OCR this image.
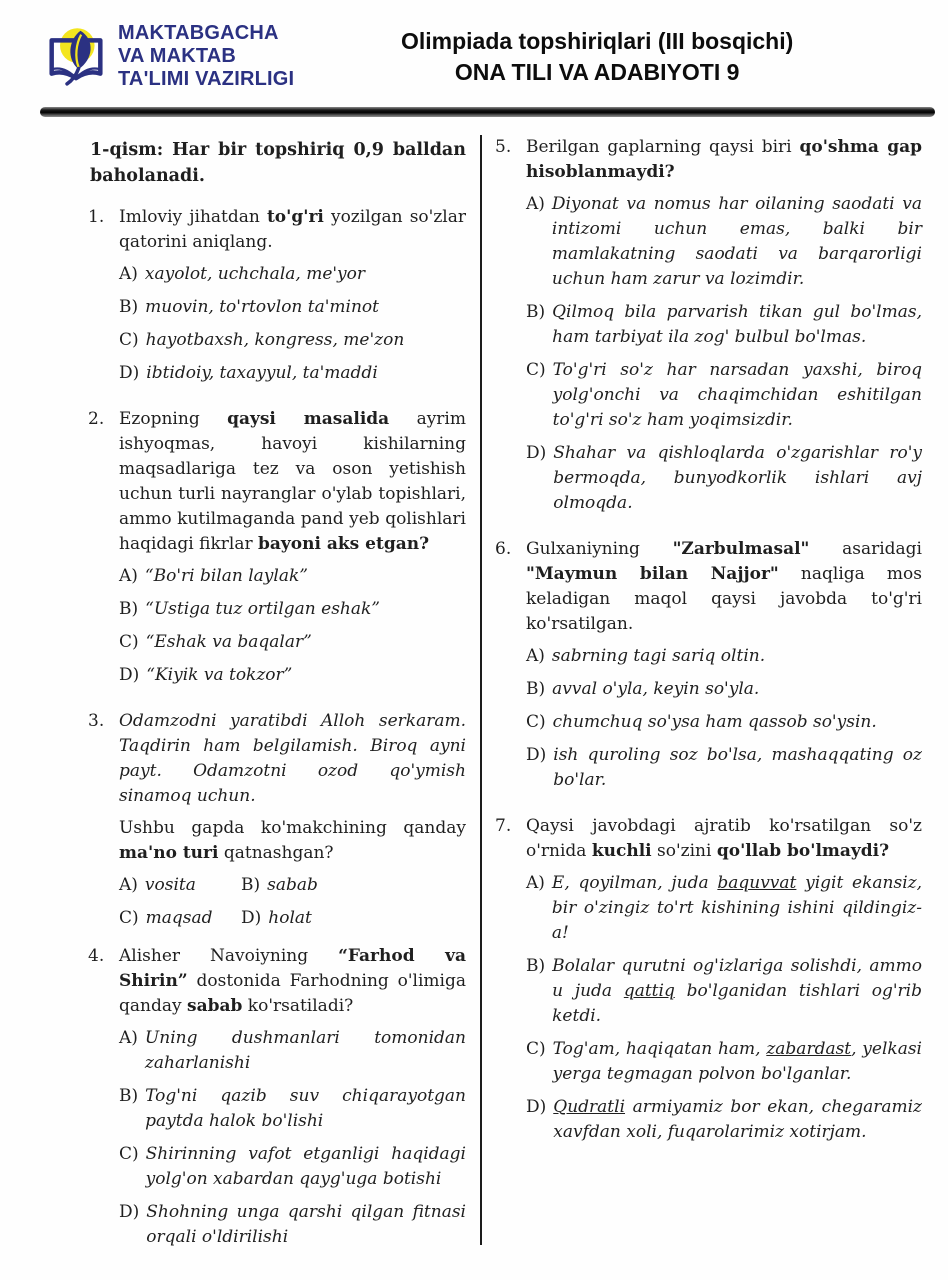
MAKTABGACHA
VA MAKTAB
TA'LIMI VAZIRLIGI
Olimpiada topshiriqlari (III bosqichi)
ONA TILI VA ADABIYOTI 9
1-qism: Har bir topshiriq 0,9 balldan baholanadi.
1. Imloviy jihatdan to'g'ri yozilgan so'zlar qatorini aniqlang.

A) xayolot, uchchala, me'yor
B) muovin, to'rtovlon ta'minot
C) hayotbaxsh, kongress, me'zon
D) ibtidoiy, taxayyul, ta'maddi
2. Ezopning qaysi masalida ayrim ishyoqmas, havoyi kishilarning maqsadlariga tez va oson yetishish uchun turli nayranglar o'ylab topishlari, ammo kutilmaganda pand yeb qolishlari haqidagi fikrlar bayoni aks etgan?

A) “Bo'ri bilan laylak”
B) “Ustiga tuz ortilgan eshak”
C) “Eshak va baqalar”
D) “Kiyik va tokzor”
3. Odamzodni yaratibdi Alloh serkaram. Taqdirin ham belgilamish. Biroq ayni payt. Odamzotni ozod qo'ymish sinamoq uchun.

Ushbu gapda ko'makchining qanday ma'no turi qatnashgan?

A) vosita	B) sabab
C) maqsad	D) holat
4. Alisher Navoiyning “Farhod va Shirin” dostonida Farhodning o'limiga qanday sabab ko'rsatiladi?

A) Uning dushmanlari tomonidan zaharlanishi
B) Tog'ni qazib suv chiqarayotgan paytda halok bo'lishi
C) Shirinning vafot etganligi haqidagi yolg'on xabardan qayg'uga botishi
D) Shohning unga qarshi qilgan fitnasi orqali o'ldirilishi
5. Berilgan gaplarning qaysi biri qo'shma gap hisoblanmaydi?

A) Diyonat va nomus har oilaning saodati va intizomi uchun emas, balki bir mamlakatning saodati va barqarorligi uchun ham zarur va lozimdir.
B) Qilmoq bila parvarish tikan gul bo'lmas, ham tarbiyat ila zog' bulbul bo'lmas.
C) To'g'ri so'z har narsadan yaxshi, biroq yolg'onchi va chaqimchidan eshitilgan to'g'ri so'z ham yoqimsizdir.
D) Shahar va qishloqlarda o'zgarishlar ro'y bermoqda, bunyodkorlik ishlari avj olmoqda.
6. Gulxaniyning "Zarbulmasal" asaridagi "Maymun bilan Najjor" naqliga mos keladigan maqol qaysi javobda to'g'ri ko'rsatilgan.

A) sabrning tagi sariq oltin.
B) avval o'yla, keyin so'yla.
C) chumchuq so'ysa ham qassob so'ysin.
D) ish quroling soz bo'lsa, mashaqqating oz bo'lar.
7. Qaysi javobdagi ajratib ko'rsatilgan so'z o'rnida kuchli so'zini qo'llab bo'lmaydi?

A) E, qoyilman, juda baquvvat yigit ekansiz, bir o'zingiz to'rt kishining ishini qildingiz-a!
B) Bolalar qurutni og'izlariga solishdi, ammo u juda qattiq bo'lganidan tishlari og'rib ketdi.
C) Tog'am, haqiqatan ham, zabardast, yelkasi yerga tegmagan polvon bo'lganlar.
D) Qudratli armiyamiz bor ekan, chegaramiz xavfdan xoli, fuqarolarimiz xotirjam.
